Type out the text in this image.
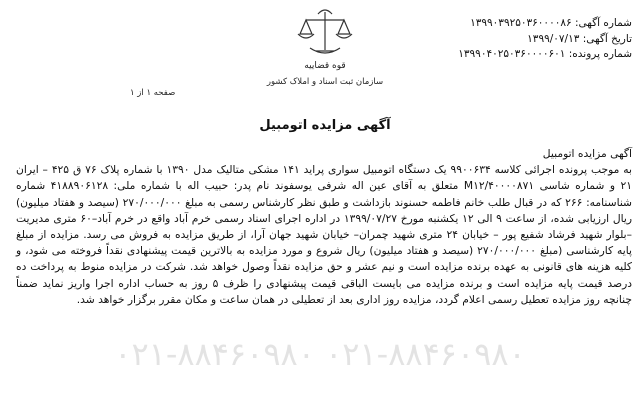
شماره آگهی: ۱۳۹۹۰۳۹۲۵۰۳۶۰۰۰۰۸۶
تاریخ آگهی: ۱۳۹۹/۰۷/۱۳
شماره پرونده: ۱۳۹۹۰۴۰۲۵۰۳۶۰۰۰۰۶۰۱
قوه قضاییه
سازمان ثبت اسناد و املاک کشور
صفحه ۱ از ۱
آگهی مزایده اتومبیل

آگهی مزایده اتومبیل

به موجب پرونده اجرائی کلاسه ۹۹۰۰۶۳۴ یک دستگاه اتومبیل سواری پراید ۱۴۱ مشکی متالیک مدل ۱۳۹۰ با شماره پلاک ۷۶ ق ۴۲۵ – ایران ۲۱ و شماره شاسی M۱۲/۴۰۰۰۰۸۷۱ متعلق به آقای عین اله شرفی یوسفوند نام پدر: حبیب اله با شماره ملی: ۴۱۸۸۹۰۶۱۲۸ شماره شناسنامه: ۲۶۶ که در قبال طلب خانم فاطمه حسنوند بازداشت و طبق نظر کارشناس رسمی به مبلغ ۲۷۰/۰۰۰/۰۰۰ (سیصد و هفتاد میلیون) ریال ارزیابی شده، از ساعت ۹ الی ۱۲ یکشنبه مورخ ۱۳۹۹/۰۷/۲۷ در اداره اجرای اسناد رسمی خرم آباد واقع در خرم آباد–۶۰ متری مدیریت –بلوار شهید فرشاد شفیع پور – خیابان ۲۴ متری شهید چمران– خیابان شهید جهان آرا، از طریق مزایده به فروش می رسد. مزایده از مبلغ پایه کارشناسی (مبلغ ۲۷۰/۰۰۰/۰۰۰ (سیصد و هفتاد میلیون) ریال شروع و مورد مزایده به بالاترین قیمت پیشنهادی نقداً فروخته می شود، و کلیه هزینه های قانونی به عهده برنده مزایده است و نیم عشر و حق مزایده نقداً وصول خواهد شد. شرکت در مزایده منوط به پرداخت ده درصد قیمت پایه مزایده است و برنده مزایده می بایست الباقی قیمت پیشنهادی را ظرف ۵ روز به حساب اداره اجرا واریز نماید ضمناً چنانچه روز مزایده تعطیل رسمی اعلام گردد، مزایده روز اداری بعد از تعطیلی در همان ساعت و مکان مقرر برگزار خواهد شد.

۰۲۱-۸۸۴۶۰۹۸۰ ۰۲۱-۸۸۴۶۰۹۸۰
